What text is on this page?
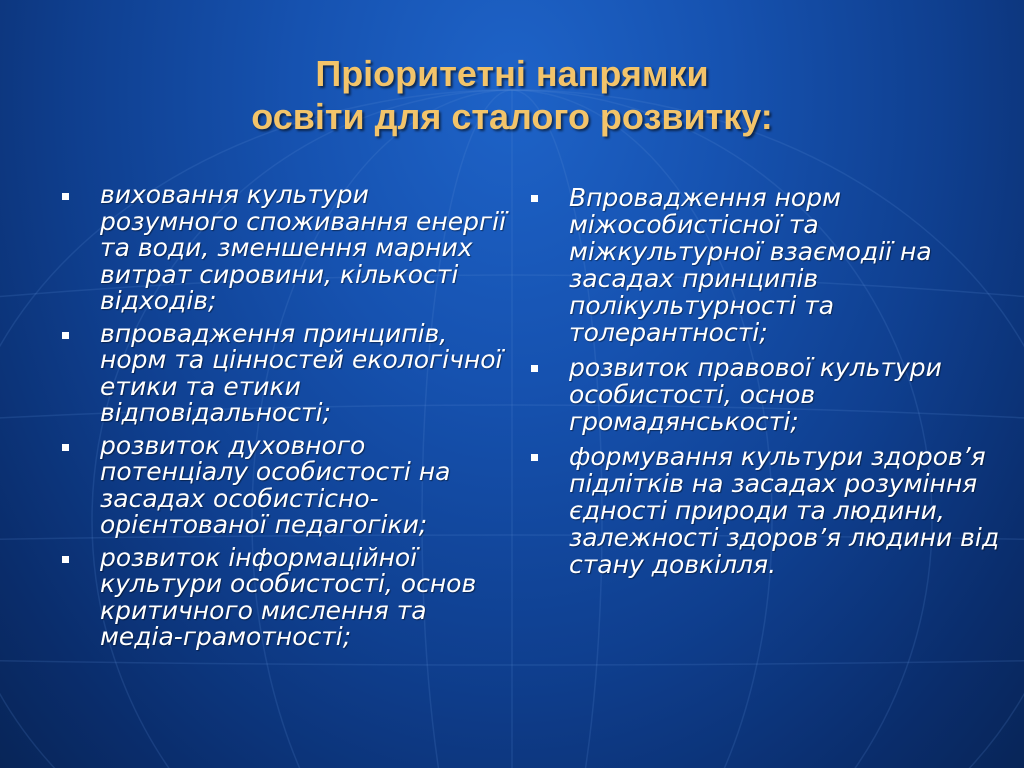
Пріоритетні напрямки
освіти для сталого розвитку:
виховання культури розумного споживання енергії та води, зменшення марних витрат сировини, кількості відходів;
впровадження принципів, норм та цінностей екологічної етики та етики відповідальності;
розвиток духовного потенціалу особистості на засадах особистісно-орієнтованої педагогіки;
розвиток інформаційної культури особистості, основ критичного мислення та медіа-грамотності;
Впровадження норм міжособистісної та міжкультурної взаємодії на засадах принципів полікультурності та толерантності;
розвиток правової культури особистості, основ громадянськості;
формування культури здоров’я підлітків на засадах розуміння єдності природи та людини, залежності здоров’я людини від стану довкілля.
